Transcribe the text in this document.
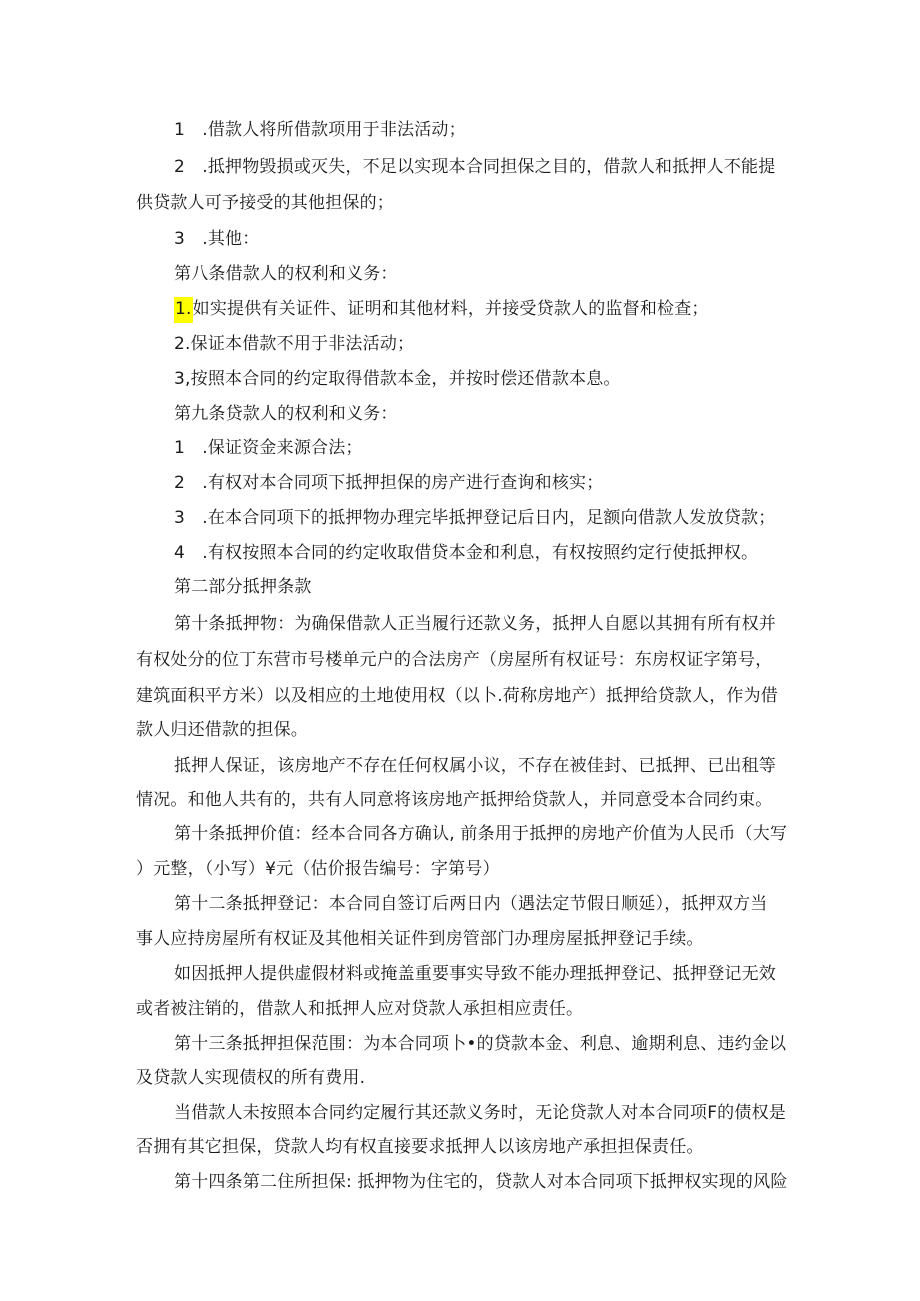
1　.借款人将所借款项用于非法活动；
2　.抵押物毁损或灭失，不足以实现本合同担保之目的，借款人和抵押人不能提
供贷款人可予接受的其他担保的；
3　.其他：
第八条借款人的权利和义务：
1.如实提供有关证件、证明和其他材料，并接受贷款人的监督和检查；
2.保证本借款不用于非法活动；
3,按照本合同的约定取得借款本金，并按时偿还借款本息。
第九条贷款人的权利和义务：
1　.保证资金来源合法；
2　.有权对本合同项下抵押担保的房产进行查询和核实；
3　.在本合同项下的抵押物办理完毕抵押登记后日内，足额向借款人发放贷款；
4　.有权按照本合同的约定收取借贷本金和利息，有权按照约定行使抵押权。
第二部分抵押条款
第十条抵押物：为确保借款人正当履行还款义务，抵押人自愿以其拥有所有权并
有权处分的位丁东营市号楼单元户的合法房产（房屋所有权证号：东房权证字第号，
建筑面积平方米）以及相应的土地使用权（以卜.荷称房地产）抵押给贷款人，作为借
款人归还借款的担保。
抵押人保证，该房地产不存在任何权属小议，不存在被佳封、已抵押、已出租等
情况。和他人共有的，共有人同意将该房地产抵押给贷款人，并同意受本合同约束。
第十条抵押价值：经本合同各方确认, 前条用于抵押的房地产价值为人民币（大写
）元整，（小写）¥元（估价报告编号：字第号）
第十二条抵押登记：本合同自签订后两日内（遇法定节假日顺延），抵押双方当
事人应持房屋所有权证及其他相关证件到房管部门办理房屋抵押登记手续。
如因抵押人提供虚假材料或掩盖重要事实导致不能办理抵押登记、抵押登记无效
或者被注销的，借款人和抵押人应对贷款人承担相应责任。
第十三条抵押担保范围：为本合同项卜•的贷款本金、利息、逾期利息、违约金以
及贷款人实现债权的所有费用.
当借款人未按照本合同约定履行其还款义务时，无论贷款人对本合同项F的债权是
否拥有其它担保，贷款人均有权直接要求抵押人以该房地产承担担保责任。
第十四条第二住所担保: 抵押物为住宅的，贷款人对本合同项下抵押权实现的风险
